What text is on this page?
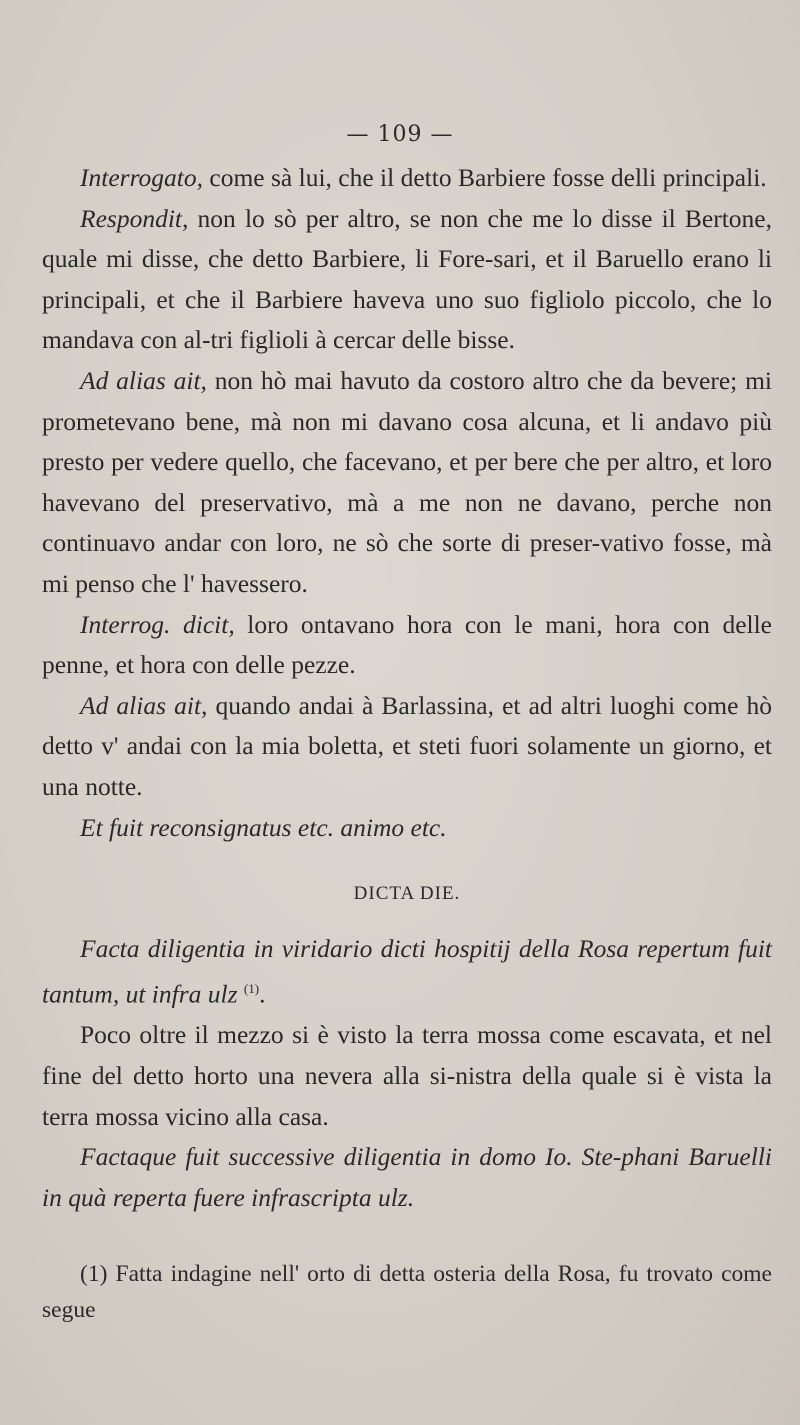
— 109 —

Interrogato, come sà lui, che il detto Barbiere fosse delli principali.

Respondit, non lo sò per altro, se non che me lo disse il Bertone, quale mi disse, che detto Barbiere, li Fore-sari, et il Baruello erano li principali, et che il Barbiere haveva uno suo figliolo piccolo, che lo mandava con al-tri figlioli à cercar delle bisse.

Ad alias ait, non hò mai havuto da costoro altro che da bevere; mi prometevano bene, mà non mi davano cosa alcuna, et li andavo più presto per vedere quello, che facevano, et per bere che per altro, et loro havevano del preservativo, mà a me non ne davano, perche non continuavo andar con loro, ne sò che sorte di preser-vativo fosse, mà mi penso che l' havessero.

Interrog. dicit, loro ontavano hora con le mani, hora con delle penne, et hora con delle pezze.

Ad alias ait, quando andai à Barlassina, et ad altri luoghi come hò detto v' andai con la mia boletta, et steti fuori solamente un giorno, et una notte.

Et fuit reconsignatus etc. animo etc.

DICTA DIE.

Facta diligentia in viridario dicti hospitij della Rosa repertum fuit tantum, ut infra ulz $^{(1)}$.

Poco oltre il mezzo si è visto la terra mossa come escavata, et nel fine del detto horto una nevera alla si-nistra della quale si è vista la terra mossa vicino alla casa.

Factaque fuit successive diligentia in domo Io. Ste-phani Baruelli in quà reperta fuere infrascripta ulz.

(1) Fatta indagine nell' orto di detta osteria della Rosa, fu trovato come segue
